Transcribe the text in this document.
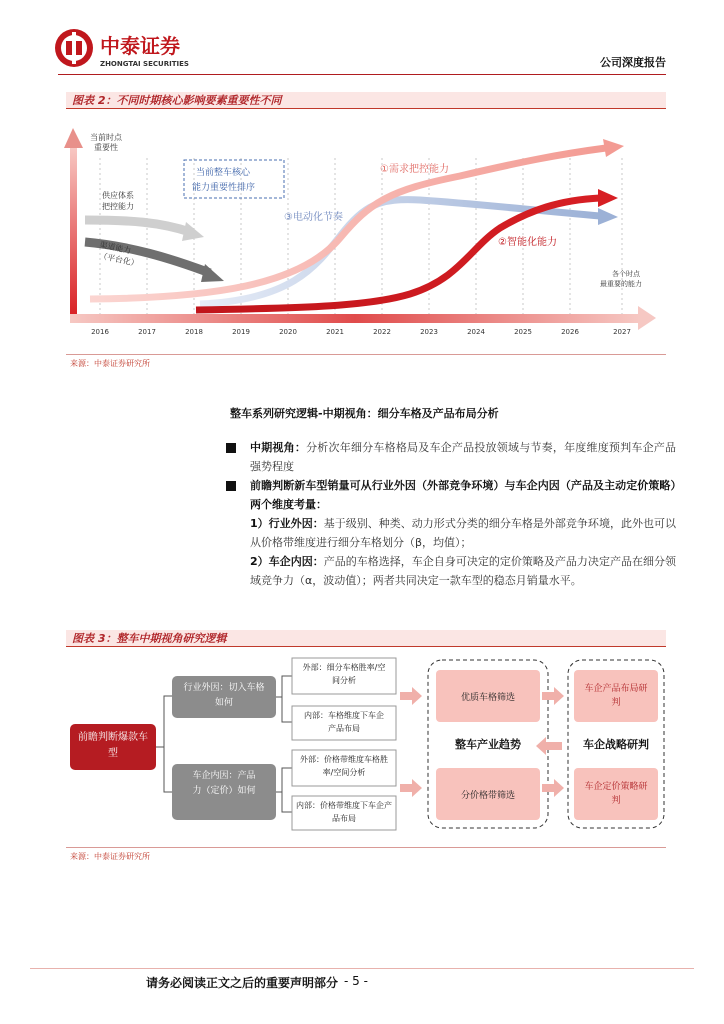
中泰证券
ZHONGTAI SECURITIES	公司深度报告
图表 2：不同时期核心影响要素重要性不同
当前时点重要性
当前整车核心能力重要性排序
①需求把控能力
③电动化节奏
②智能化能力
供应体系把控能力
渠道能力（平台化）
各个时点最重要的能力
2016	2017	2018	2019	2020	2021	2022	2023	2024	2025	2026	2027
来源：中泰证券研究所
整车系列研究逻辑-中期视角：细分车格及产品布局分析
中期视角：分析次年细分车格格局及车企产品投放领域与节奏，年度维度预判车企产品强势程度
前瞻判断新车型销量可从行业外因（外部竞争环境）与车企内因（产品及主动定价策略）两个维度考量：
1）行业外因：基于级别、种类、动力形式分类的细分车格是外部竞争环境，此外也可以从价格带维度进行细分车格划分（β，均值）；
2）车企内因：产品的车格选择，车企自身可决定的定价策略及产品力决定产品在细分领域竞争力（α，波动值）；两者共同决定一款车型的稳态月销量水平。
图表 3：整车中期视角研究逻辑
前瞻判断爆款车型
行业外因：切入车格如何
车企内因：产品力（定价）如何
外部：细分车格胜率/空间分析
内部：车格维度下车企产品布局
外部：价格带维度车格胜率/空间分析
内部：价格带维度下车企产品布局
优质车格筛选
整车产业趋势
分价格带筛选
车企产品布局研判
车企战略研判
车企定价策略研判
来源：中泰证券研究所
请务必阅读正文之后的重要声明部分 - 5 -
